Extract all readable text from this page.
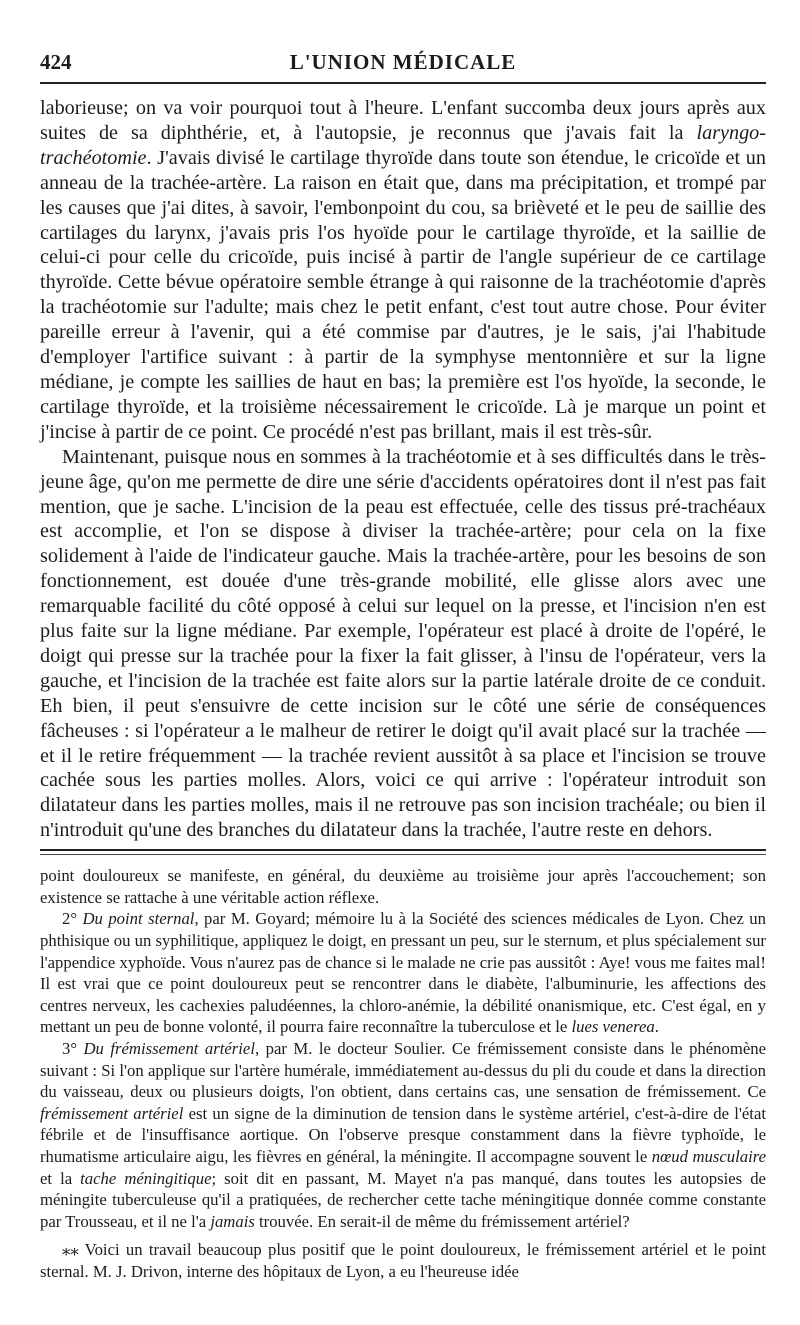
424	L'UNION MÉDICALE

laborieuse; on va voir pourquoi tout à l'heure. L'enfant succomba deux jours après aux suites de sa diphthérie, et, à l'autopsie, je reconnus que j'avais fait la laryngo-trachéotomie. J'avais divisé le cartilage thyroïde dans toute son étendue, le cricoïde et un anneau de la trachée-artère. La raison en était que, dans ma précipitation, et trompé par les causes que j'ai dites, à savoir, l'embonpoint du cou, sa brièveté et le peu de saillie des cartilages du larynx, j'avais pris l'os hyoïde pour le cartilage thyroïde, et la saillie de celui-ci pour celle du cricoïde, puis incisé à partir de l'angle supérieur de ce cartilage thyroïde. Cette bévue opératoire semble étrange à qui raisonne de la trachéotomie d'après la trachéotomie sur l'adulte; mais chez le petit enfant, c'est tout autre chose. Pour éviter pareille erreur à l'avenir, qui a été commise par d'autres, je le sais, j'ai l'habitude d'employer l'artifice suivant : à partir de la symphyse mentonnière et sur la ligne médiane, je compte les saillies de haut en bas; la première est l'os hyoïde, la seconde, le cartilage thyroïde, et la troisième nécessairement le cricoïde. Là je marque un point et j'incise à partir de ce point. Ce procédé n'est pas brillant, mais il est très-sûr.

Maintenant, puisque nous en sommes à la trachéotomie et à ses difficultés dans le très-jeune âge, qu'on me permette de dire une série d'accidents opératoires dont il n'est pas fait mention, que je sache. L'incision de la peau est effectuée, celle des tissus pré-trachéaux est accomplie, et l'on se dispose à diviser la trachée-artère; pour cela on la fixe solidement à l'aide de l'indicateur gauche. Mais la trachée-artère, pour les besoins de son fonctionnement, est douée d'une très-grande mobilité, elle glisse alors avec une remarquable facilité du côté opposé à celui sur lequel on la presse, et l'incision n'en est plus faite sur la ligne médiane. Par exemple, l'opérateur est placé à droite de l'opéré, le doigt qui presse sur la trachée pour la fixer la fait glisser, à l'insu de l'opérateur, vers la gauche, et l'incision de la trachée est faite alors sur la partie latérale droite de ce conduit. Eh bien, il peut s'ensuivre de cette incision sur le côté une série de conséquences fâcheuses : si l'opérateur a le malheur de retirer le doigt qu'il avait placé sur la trachée — et il le retire fréquemment — la trachée revient aussitôt à sa place et l'incision se trouve cachée sous les parties molles. Alors, voici ce qui arrive : l'opérateur introduit son dilatateur dans les parties molles, mais il ne retrouve pas son incision trachéale; ou bien il n'introduit qu'une des branches du dilatateur dans la trachée, l'autre reste en dehors.

point douloureux se manifeste, en général, du deuxième au troisième jour après l'accouchement; son existence se rattache à une véritable action réflexe.

2° Du point sternal, par M. Goyard; mémoire lu à la Société des sciences médicales de Lyon. Chez un phthisique ou un syphilitique, appliquez le doigt, en pressant un peu, sur le sternum, et plus spécialement sur l'appendice xyphoïde. Vous n'aurez pas de chance si le malade ne crie pas aussitôt : Aye! vous me faites mal! Il est vrai que ce point douloureux peut se rencontrer dans le diabète, l'albuminurie, les affections des centres nerveux, les cachexies paludéennes, la chloro-anémie, la débilité onanismique, etc. C'est égal, en y mettant un peu de bonne volonté, il pourra faire reconnaître la tuberculose et le lues venerea.

3° Du frémissement artériel, par M. le docteur Soulier. Ce frémissement consiste dans le phénomène suivant : Si l'on applique sur l'artère humérale, immédiatement au-dessus du pli du coude et dans la direction du vaisseau, deux ou plusieurs doigts, l'on obtient, dans certains cas, une sensation de frémissement. Ce frémissement artériel est un signe de la diminution de tension dans le système artériel, c'est-à-dire de l'état fébrile et de l'insuffisance aortique. On l'observe presque constamment dans la fièvre typhoïde, le rhumatisme articulaire aigu, les fièvres en général, la méningite. Il accompagne souvent le nœud musculaire et la tache méningitique; soit dit en passant, M. Mayet n'a pas manqué, dans toutes les autopsies de méningite tuberculeuse qu'il a pratiquées, de rechercher cette tache méningitique donnée comme constante par Trousseau, et il ne l'a jamais trouvée. En serait-il de même du frémissement artériel?

⁎⁎ Voici un travail beaucoup plus positif que le point douloureux, le frémissement artériel et le point sternal. M. J. Drivon, interne des hôpitaux de Lyon, a eu l'heureuse idée
